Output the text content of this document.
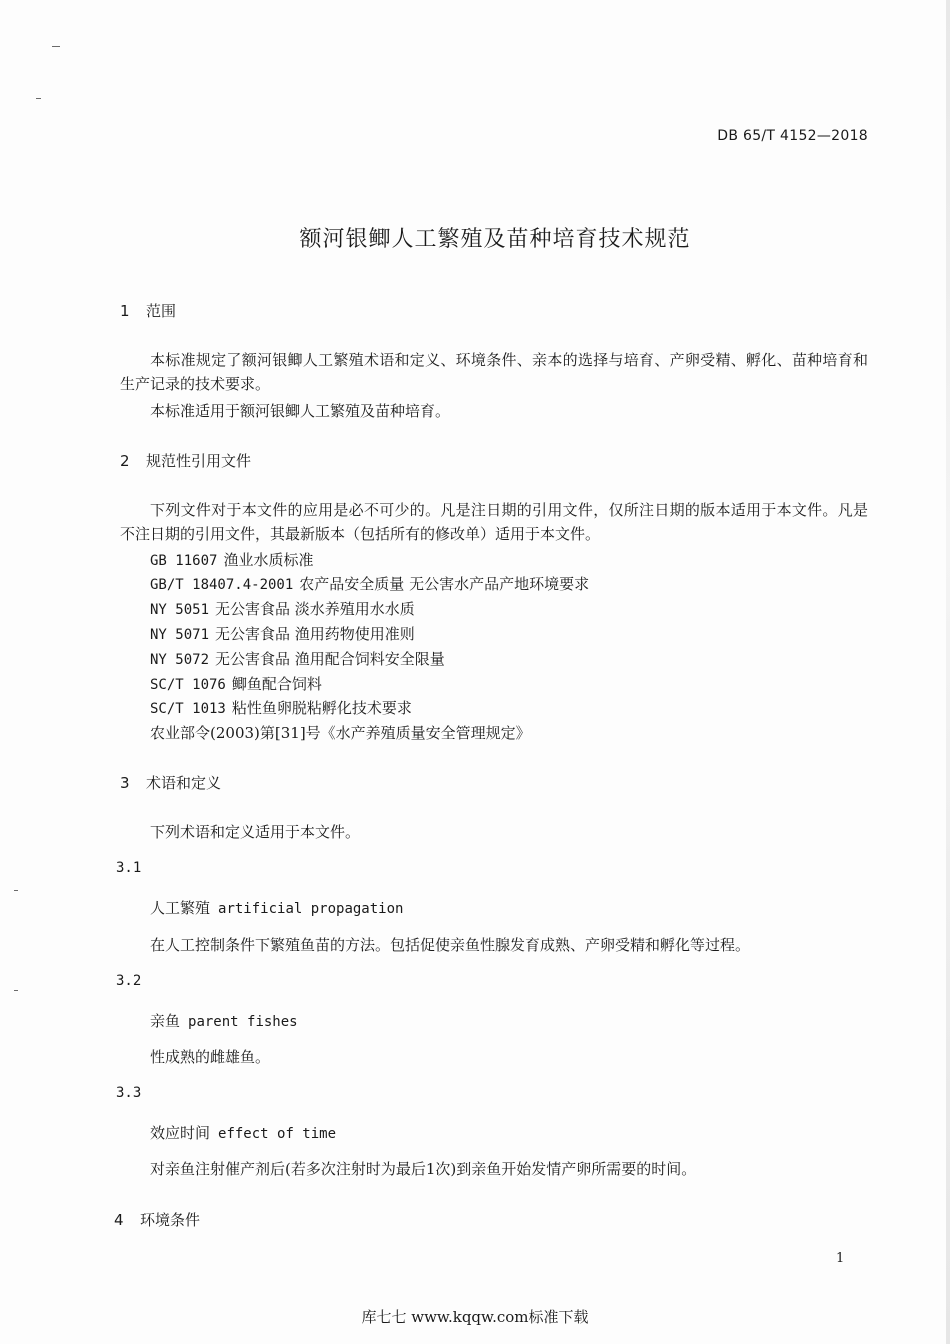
DB 65/T 4152—2018
额河银鲫人工繁殖及苗种培育技术规范
1 范围
本标准规定了额河银鲫人工繁殖术语和定义、环境条件、亲本的选择与培育、产卵受精、孵化、苗种培育和生产记录的技术要求。
本标准适用于额河银鲫人工繁殖及苗种培育。
2 规范性引用文件
下列文件对于本文件的应用是必不可少的。凡是注日期的引用文件，仅所注日期的版本适用于本文件。凡是不注日期的引用文件，其最新版本（包括所有的修改单）适用于本文件。
GB 11607 渔业水质标准
GB/T 18407.4-2001 农产品安全质量 无公害水产品产地环境要求
NY 5051 无公害食品 淡水养殖用水水质
NY 5071 无公害食品 渔用药物使用准则
NY 5072 无公害食品 渔用配合饲料安全限量
SC/T 1076 鲫鱼配合饲料
SC/T 1013 粘性鱼卵脱粘孵化技术要求
农业部令(2003)第[31]号《水产养殖质量安全管理规定》
3 术语和定义
下列术语和定义适用于本文件。
3.1
人工繁殖 artificial propagation
在人工控制条件下繁殖鱼苗的方法。包括促使亲鱼性腺发育成熟、产卵受精和孵化等过程。
3.2
亲鱼 parent fishes
性成熟的雌雄鱼。
3.3
效应时间 effect of time
对亲鱼注射催产剂后(若多次注射时为最后1次)到亲鱼开始发情产卵所需要的时间。
4 环境条件
1
库七七 www.kqqw.com标准下载
